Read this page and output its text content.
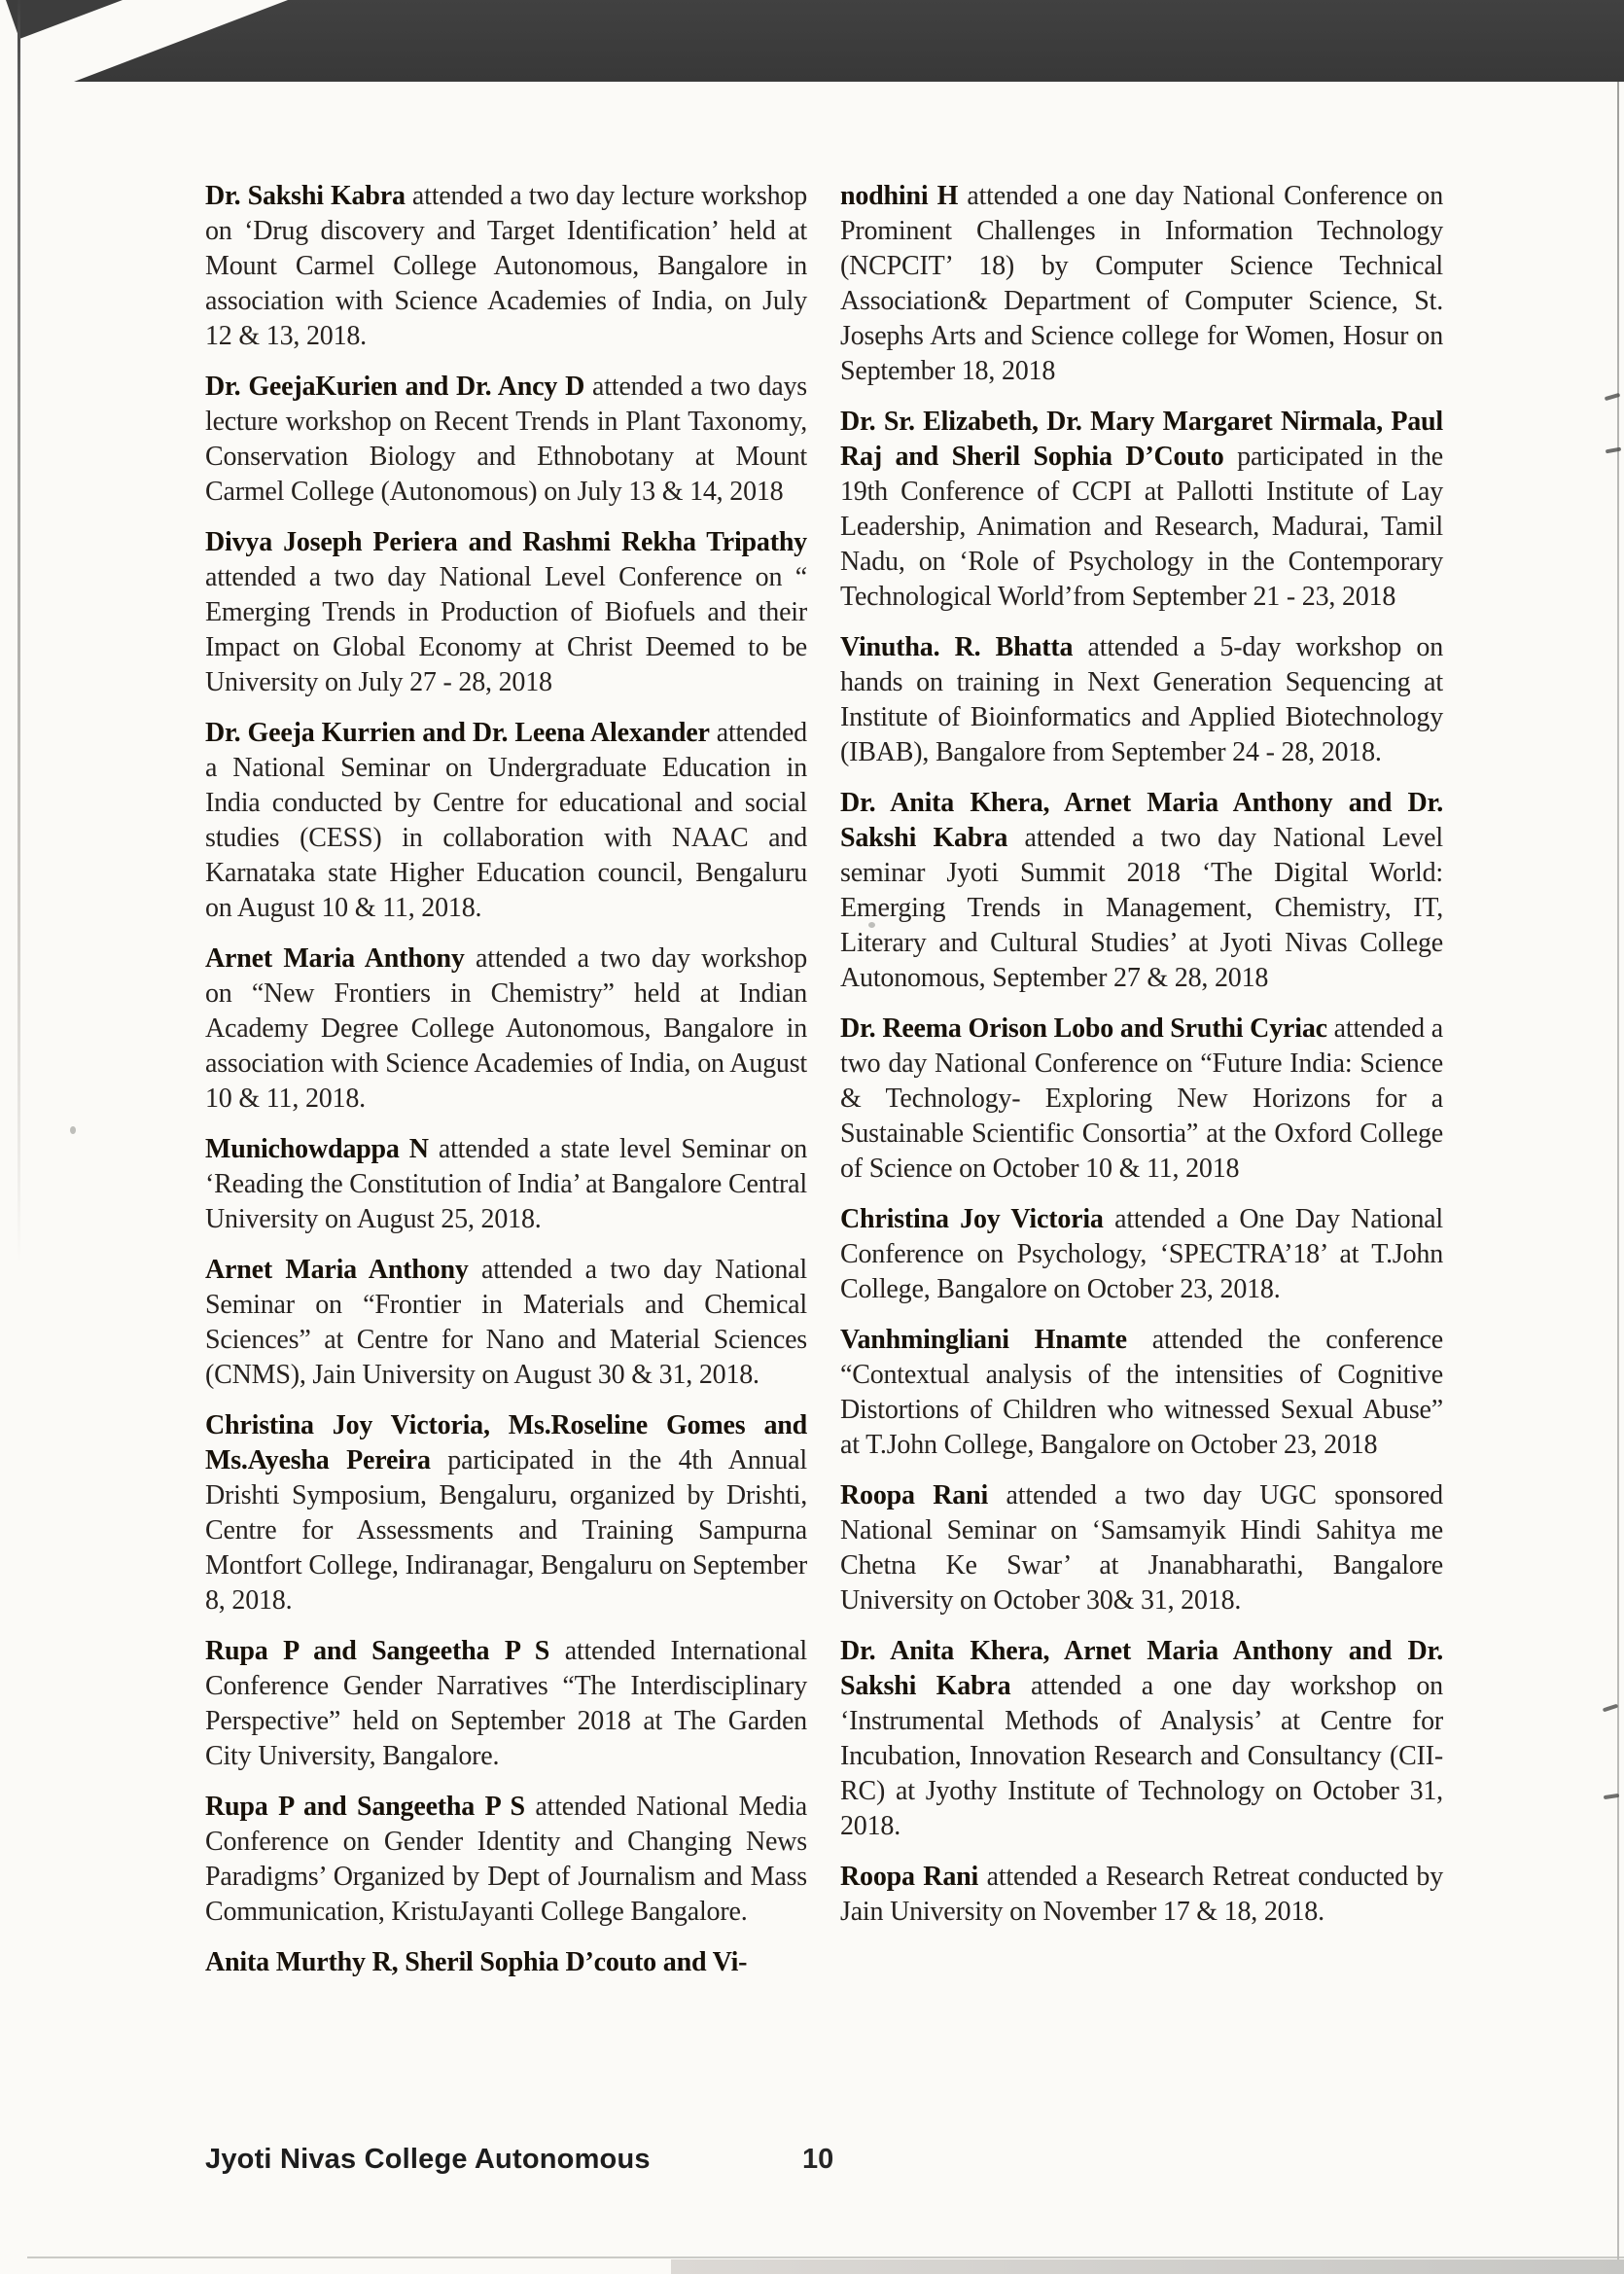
Dr. Sakshi Kabra attended a two day lecture workshop on ‘Drug discovery and Target Identification’ held at Mount Carmel College Autonomous, Bangalore in association with Science Academies of India, on July 12 & 13, 2018.

Dr. GeejaKurien and Dr. Ancy D attended a two days lecture workshop on Recent Trends in Plant Taxonomy, Conservation Biology and Ethnobotany at Mount Carmel College (Autonomous) on July 13 & 14, 2018

Divya Joseph Periera and Rashmi Rekha Tripathy attended a two day National Level Conference on “ Emerging Trends in Production of Biofuels and their Impact on Global Economy at Christ Deemed to be University on July 27 - 28, 2018

Dr. Geeja Kurrien and Dr. Leena Alexander attended a National Seminar on Undergraduate Education in India conducted by Centre for educational and social studies (CESS) in collaboration with NAAC and Karnataka state Higher Education council, Bengaluru on August 10 & 11, 2018.

Arnet Maria Anthony attended a two day workshop on “New Frontiers in Chemistry” held at Indian Academy Degree College Autonomous, Bangalore in association with Science Academies of India, on August 10 & 11, 2018.

Munichowdappa N attended a state level Seminar on ‘Reading the Constitution of India’ at Bangalore Central University on August 25, 2018.

Arnet Maria Anthony attended a two day National Seminar on “Frontier in Materials and Chemical Sciences” at Centre for Nano and Material Sciences (CNMS), Jain University on August 30 & 31, 2018.

Christina Joy Victoria, Ms.Roseline Gomes and Ms.Ayesha Pereira participated in the 4th Annual Drishti Symposium, Bengaluru, organized by Drishti, Centre for Assessments and Training Sampurna Montfort College, Indiranagar, Bengaluru on September 8, 2018.

Rupa P and Sangeetha P S attended International Conference Gender Narratives “The Interdisciplinary Perspective” held on September 2018 at The Garden City University, Bangalore.

Rupa P and Sangeetha P S attended National Media Conference on Gender Identity and Changing News Paradigms’ Organized by Dept of Journalism and Mass Communication, KristuJayanti College Bangalore.

Anita Murthy R, Sheril Sophia D’couto and Vi-

nodhini H attended a one day National Conference on Prominent Challenges in Information Technology (NCPCIT’ 18) by Computer Science Technical Association& Department of Computer Science, St. Josephs Arts and Science college for Women, Hosur on September 18, 2018

Dr. Sr. Elizabeth, Dr. Mary Margaret Nirmala, Paul Raj and Sheril Sophia D’Couto participated in the 19th Conference of CCPI at Pallotti Institute of Lay Leadership, Animation and Research, Madurai, Tamil Nadu, on ‘Role of Psychology in the Contemporary Technological World’from September 21 - 23, 2018

Vinutha. R. Bhatta attended a 5-day workshop on hands on training in Next Generation Sequencing at Institute of Bioinformatics and Applied Biotechnology (IBAB), Bangalore from September 24 - 28, 2018.

Dr. Anita Khera, Arnet Maria Anthony and Dr. Sakshi Kabra attended a two day National Level seminar Jyoti Summit 2018 ‘The Digital World: Emerging Trends in Management, Chemistry, IT, Literary and Cultural Studies’ at Jyoti Nivas College Autonomous, September 27 & 28, 2018

Dr. Reema Orison Lobo and Sruthi Cyriac attended a two day National Conference on “Future India: Science & Technology- Exploring New Horizons for a Sustainable Scientific Consortia” at the Oxford College of Science on October 10 & 11, 2018

Christina Joy Victoria attended a One Day National Conference on Psychology, ‘SPECTRA’18’ at T.John College, Bangalore on October 23, 2018.

Vanhmingliani Hnamte attended the conference “Contextual analysis of the intensities of Cognitive Distortions of Children who witnessed Sexual Abuse” at T.John College, Bangalore on October 23, 2018

Roopa Rani attended a two day UGC sponsored National Seminar on ‘Samsamyik Hindi Sahitya me Chetna Ke Swar’ at Jnanabharathi, Bangalore University on October 30& 31, 2018.

Dr. Anita Khera, Arnet Maria Anthony and Dr. Sakshi Kabra attended a one day workshop on ‘Instrumental Methods of Analysis’ at Centre for Incubation, Innovation Research and Consultancy (CII-RC) at Jyothy Institute of Technology on October 31, 2018.

Roopa Rani attended a Research Retreat conducted by Jain University on November 17 & 18, 2018.

Jyoti Nivas College Autonomous	10
